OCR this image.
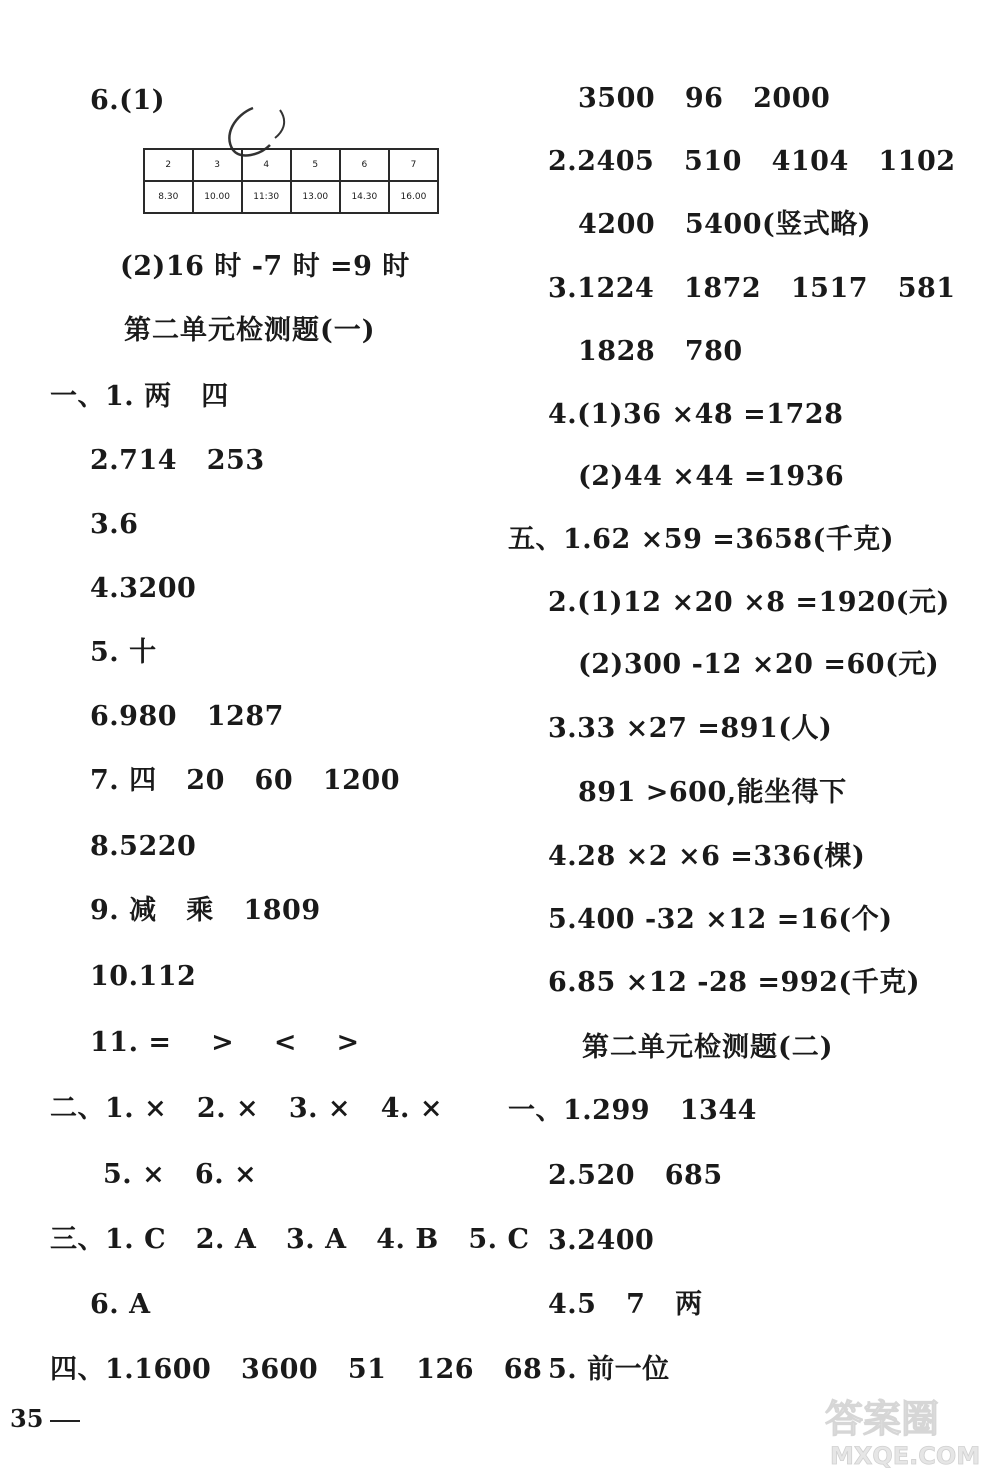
6.(1)
2	3	4	5	6	7
8.30	10.00	11:30	13.00	14.30	16.00
(2)16 时 -7 时 =9 时
第二单元检测题(一)
一、1. 两   四
2.714   253
3.6
4.3200
5. 十
6.980   1287
7. 四   20   60   1200
8.5220
9. 减   乘   1809
10.112
11. =    >    <    >
二、1. ×   2. ×   3. ×   4. ×
5. ×   6. ×
三、1. C   2. A   3. A   4. B   5. C
6. A
四、1.1600   3600   51   126   68
3500   96   2000
2.2405   510   4104   1102
4200   5400(竖式略)
3.1224   1872   1517   581
1828   780
4.(1)36 ×48 =1728
(2)44 ×44 =1936
五、1.62 ×59 =3658(千克)
2.(1)12 ×20 ×8 =1920(元)
(2)300 -12 ×20 =60(元)
3.33 ×27 =891(人)
891 >600,能坐得下
4.28 ×2 ×6 =336(棵)
5.400 -32 ×12 =16(个)
6.85 ×12 -28 =992(千克)
第二单元检测题(二)
一、1.299   1344
2.520   685
3.2400
4.5   7   两
5. 前一位
35	答案圈
MXQE.COM
